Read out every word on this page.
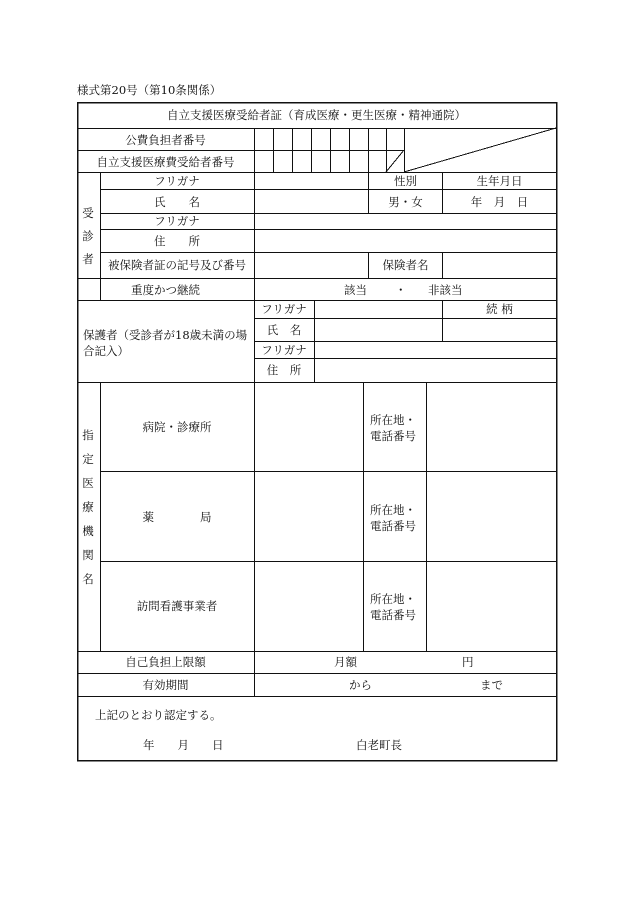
様式第20号（第10条関係）
自立支援医療受給者証（育成医療・更生医療・精神通院）
公費負担者番号
自立支援医療費受給者番号
受
診
者
フリガナ	性別	生年月日
氏　　名	男・女	年　月　日
フリガナ
住　　所
被保険者証の記号及び番号	保険者名
重度かつ継続	該当 ・ 非該当
保護者（受診者が18歳未満の場合記入）
フリガナ	続 柄
氏　名
フリガナ
住　所
指
定
医
療
機
関
名
病院・診療所	所在地・
電話番号
薬　　　　局	所在地・
電話番号
訪問看護事業者	所在地・
電話番号
自己負担上限額	月額	円
有効期間	から	まで
上記のとおり認定する。
年　　月　　日	白老町長
